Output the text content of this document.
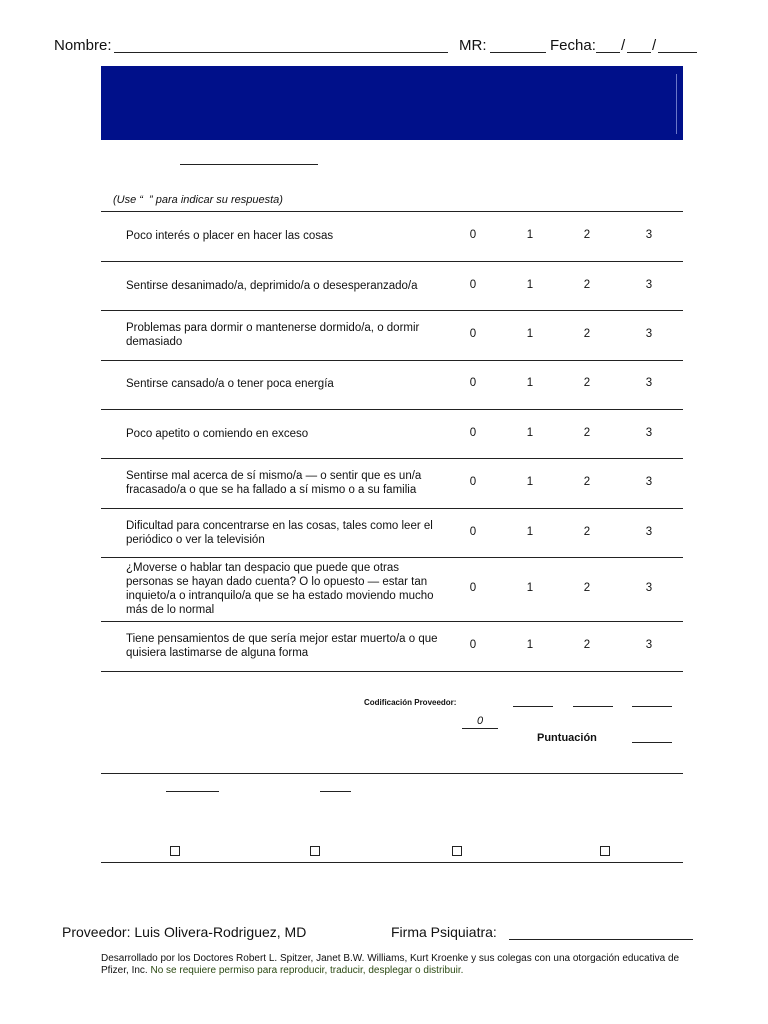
Nombre:	MR:	Fecha: / /
(Use “  ” para indicar su respuesta)
Poco interés o placer en hacer las cosas	0	1	2	3
Sentirse desanimado/a, deprimido/a o desesperanzado/a	0	1	2	3
Problemas para dormir o mantenerse dormido/a, o dormir demasiado
0	1	2	3
Sentirse cansado/a o tener poca energía	0	1	2	3
Poco apetito o comiendo en exceso	0	1	2	3
Sentirse mal acerca de sí mismo/a — o sentir que es un/a fracasado/a o que se ha fallado a sí mismo o a su familia
0	1	2	3
Dificultad para concentrarse en las cosas, tales como leer el periódico o ver la televisión
0	1	2	3
¿Moverse o hablar tan despacio que puede que otras personas se hayan dado cuenta? O lo opuesto — estar tan inquieto/a o intranquilo/a que se ha estado moviendo mucho más de lo normal
0	1	2	3
Tiene pensamientos de que sería mejor estar muerto/a o que quisiera lastimarse de alguna forma
0	1	2	3
Codificación Proveedor:
0
Puntuación
Proveedor: Luis Olivera-Rodriguez, MD	Firma Psiquiatra:
Desarrollado por los Doctores Robert L. Spitzer, Janet B.W. Williams, Kurt Kroenke y sus colegas con una otorgación educativa de Pfizer, Inc. No se requiere permiso para reproducir, traducir, desplegar o distribuir.
